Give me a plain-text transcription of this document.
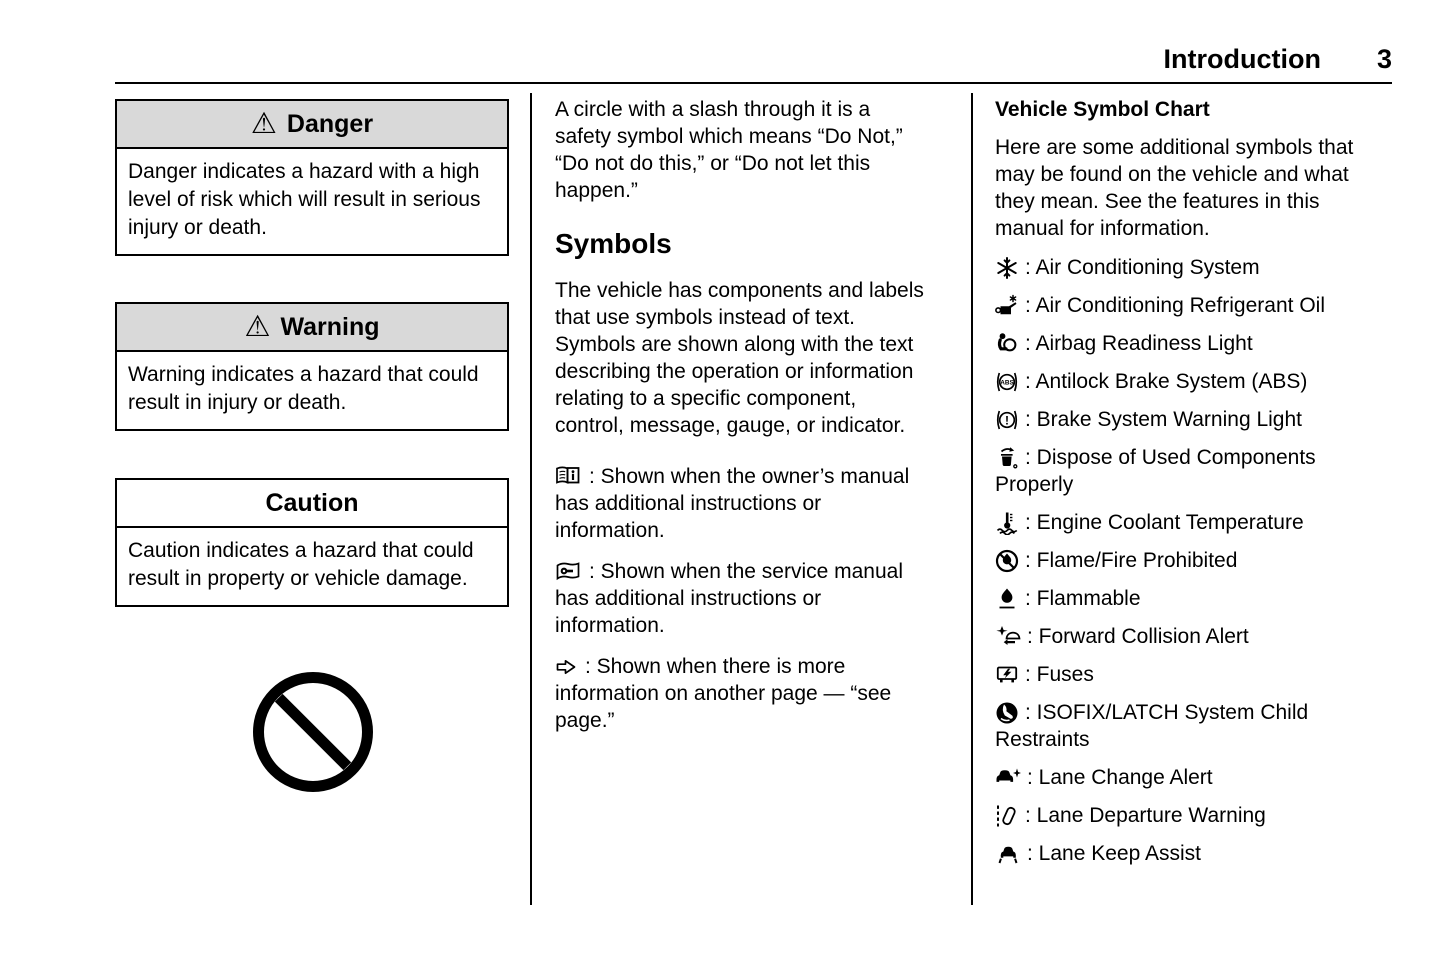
Introduction 3
⚠ Danger
Danger indicates a hazard with a high level of risk which will result in serious injury or death.
⚠ Warning
Warning indicates a hazard that could result in injury or death.
Caution
Caution indicates a hazard that could result in property or vehicle damage.

A circle with a slash through it is a safety symbol which means “Do Not,” “Do not do this,” or “Do not let this happen.”

Symbols

The vehicle has components and labels that use symbols instead of text. Symbols are shown along with the text describing the operation or information relating to a specific component, control, message, gauge, or indicator.

: Shown when the owner’s manual has additional instructions or information.
: Shown when the service manual has additional instructions or information.
: Shown when there is more information on another page — “see page.”
Vehicle Symbol Chart

Here are some additional symbols that may be found on the vehicle and what they mean. See the features in this manual for information.

: Air Conditioning System
: Air Conditioning Refrigerant Oil
: Airbag Readiness Light
ABS : Antilock Brake System (ABS)
! : Brake System Warning Light
: Dispose of Used Components Properly
: Engine Coolant Temperature
: Flame/Fire Prohibited
: Flammable
: Forward Collision Alert
: Fuses
: ISOFIX/LATCH System Child Restraints
: Lane Change Alert
: Lane Departure Warning
: Lane Keep Assist
